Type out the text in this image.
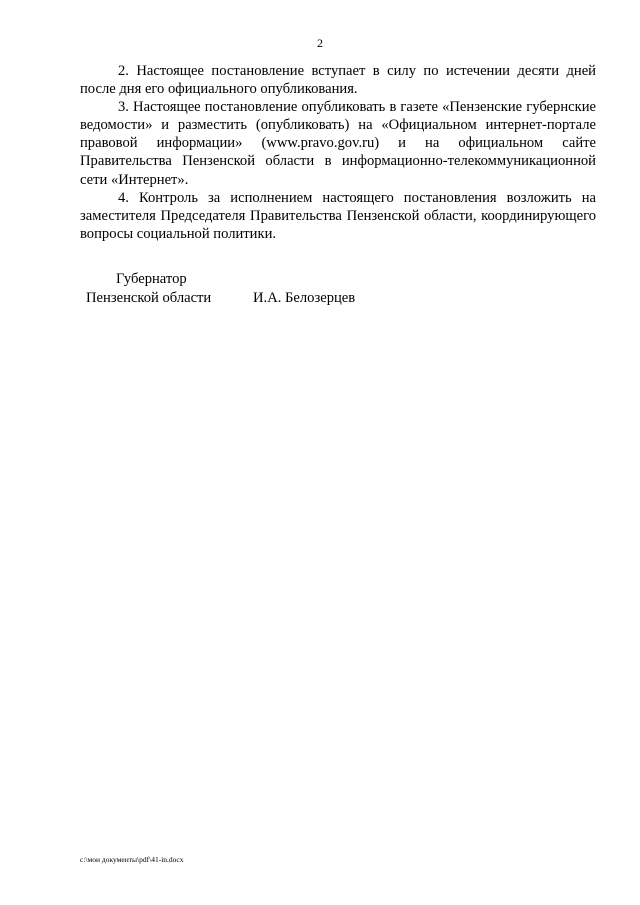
2

2. Настоящее постановление вступает в силу по истечении десяти дней после дня его официального опубликования.

3. Настоящее постановление опубликовать в газете «Пензенские губернские ведомости» и разместить (опубликовать) на «Официальном интернет-портале правовой информации» (www.pravo.gov.ru) и на официальном сайте Правительства Пензенской области в информационно-телекоммуникационной сети «Интернет».

4. Контроль за исполнением настоящего постановления возложить на заместителя Председателя Правительства Пензенской области, координирующего вопросы социальной политики.

Губернатор
Пензенской области	И.А. Белозерцев
c:\мои документы\pdf\41-in.docx
